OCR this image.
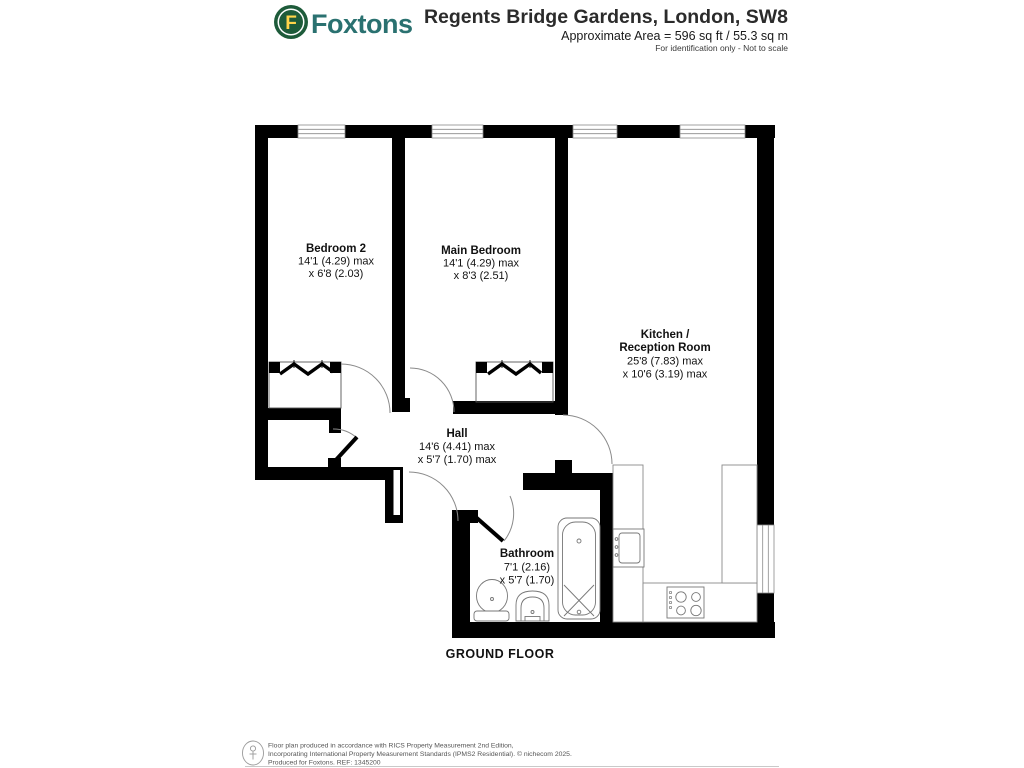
F Foxtons Regents Bridge Gardens, London, SW8
Approximate Area = 596 sq ft / 55.3 sq m
For identification only - Not to scale
Bedroom 2
14'1 (4.29) max
x 6'8 (2.03)
Main Bedroom
14'1 (4.29) max
x 8'3 (2.51)
Kitchen /
Reception Room
25'8 (7.83) max
x 10'6 (3.19) max
Hall
14'6 (4.41) max
x 5'7 (1.70) max
Bathroom
7'1 (2.16)
x 5'7 (1.70)
GROUND FLOOR
Floor plan produced in accordance with RICS Property Measurement 2nd Edition,
Incorporating International Property Measurement Standards (IPMS2 Residential). © nichecom 2025.
Produced for Foxtons. REF: 1345200
